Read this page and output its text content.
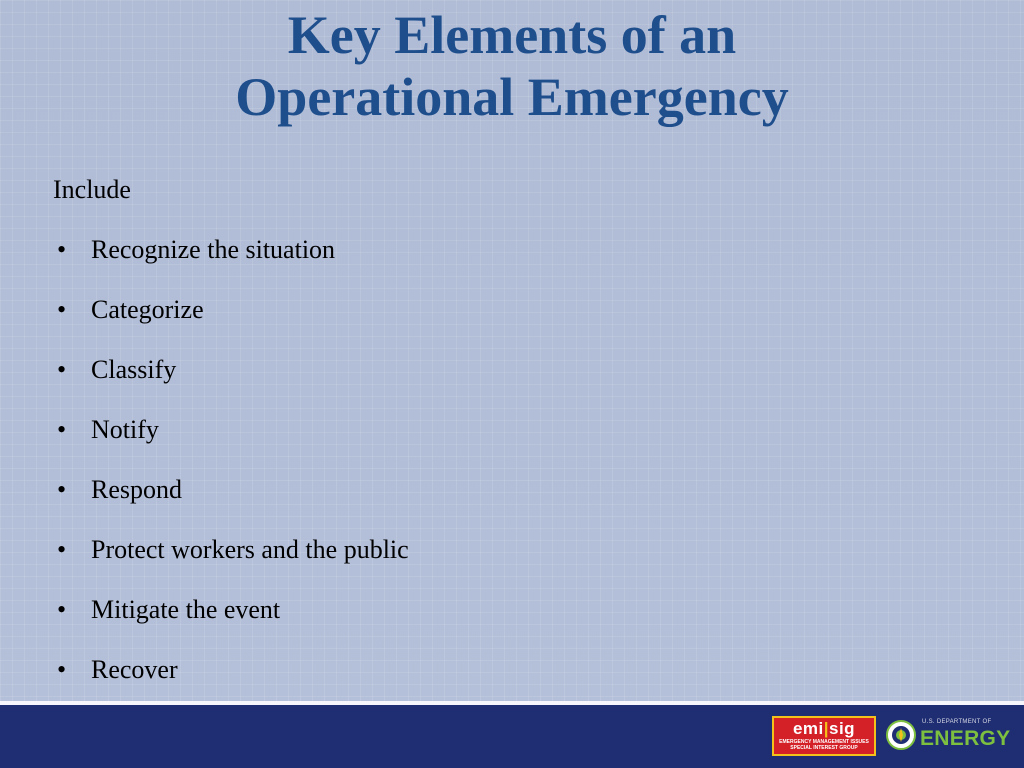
Key Elements of an
Operational Emergency
Include
• Recognize the situation
• Categorize
• Classify
• Notify
• Respond
• Protect workers and the public
• Mitigate the event
• Recover
emi|sig
EMERGENCY MANAGEMENT ISSUES
SPECIAL INTEREST GROUP
U.S. DEPARTMENT OF
ENERGY
